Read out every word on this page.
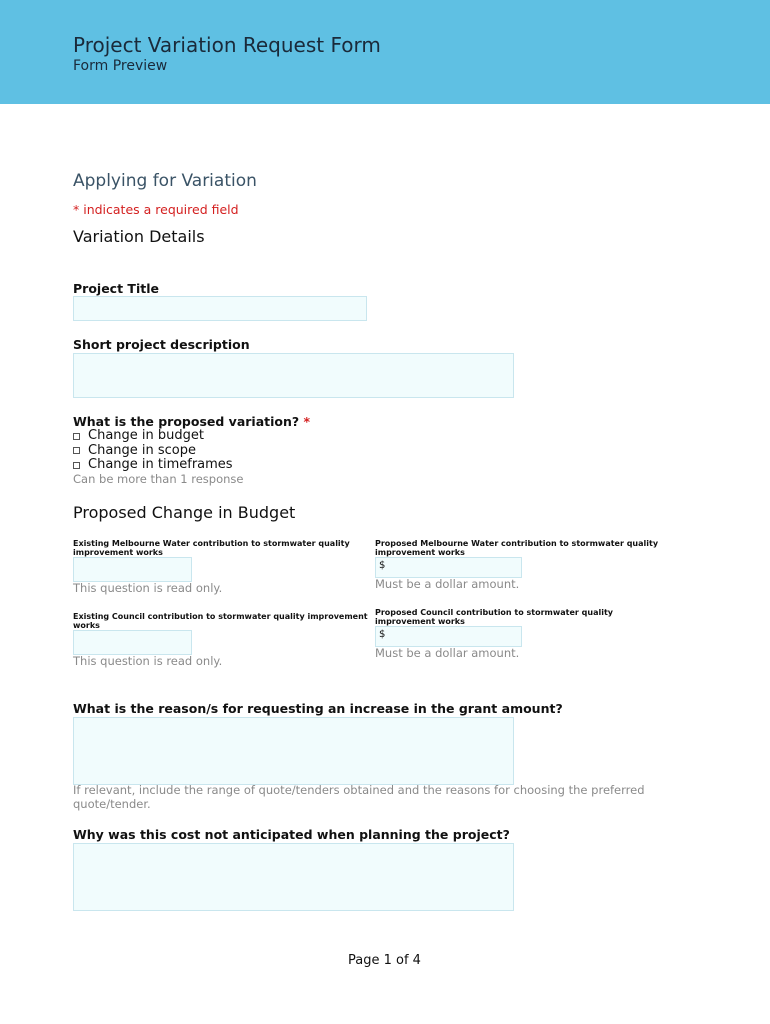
Project Variation Request Form
Form Preview
Applying for Variation
* indicates a required field
Variation Details
Project Title
Short project description
What is the proposed variation? *
Change in budget
Change in scope
Change in timeframes
Can be more than 1 response
Proposed Change in Budget
Existing Melbourne Water contribution to stormwater quality improvement works
This question is read only.
Existing Council contribution to stormwater quality improvement works
This question is read only.
Proposed Melbourne Water contribution to stormwater quality improvement works
$
Must be a dollar amount.
Proposed Council contribution to stormwater quality improvement works
$
Must be a dollar amount.
What is the reason/s for requesting an increase in the grant amount?
If relevant, include the range of quote/tenders obtained and the reasons for choosing the preferred quote/tender.
Why was this cost not anticipated when planning the project?
Page 1 of 4
